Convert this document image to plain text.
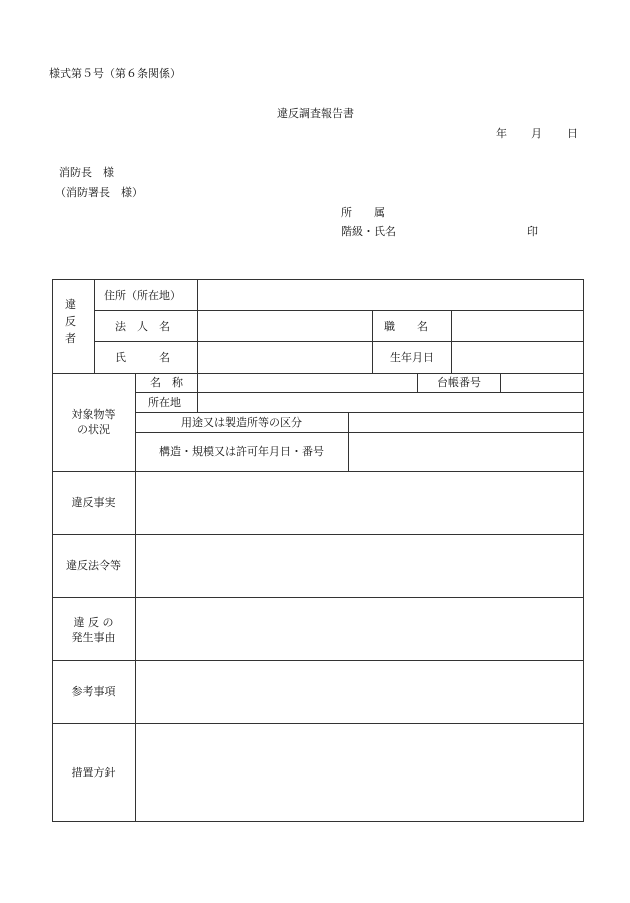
様式第５号（第６条関係）
違反調査報告書
年 月 日
消防長　様
（消防署長　様）
所　　属
階級・氏名	印
違
反
者
住所（所在地）
法　人　名	職　　名
氏　　　名	生年月日
対象物等
の状況
名　称	台帳番号
所在地
用途又は製造所等の区分
構造・規模又は許可年月日・番号
違反事実
違反法令等
違 反 の
発生事由
参考事項
措置方針
